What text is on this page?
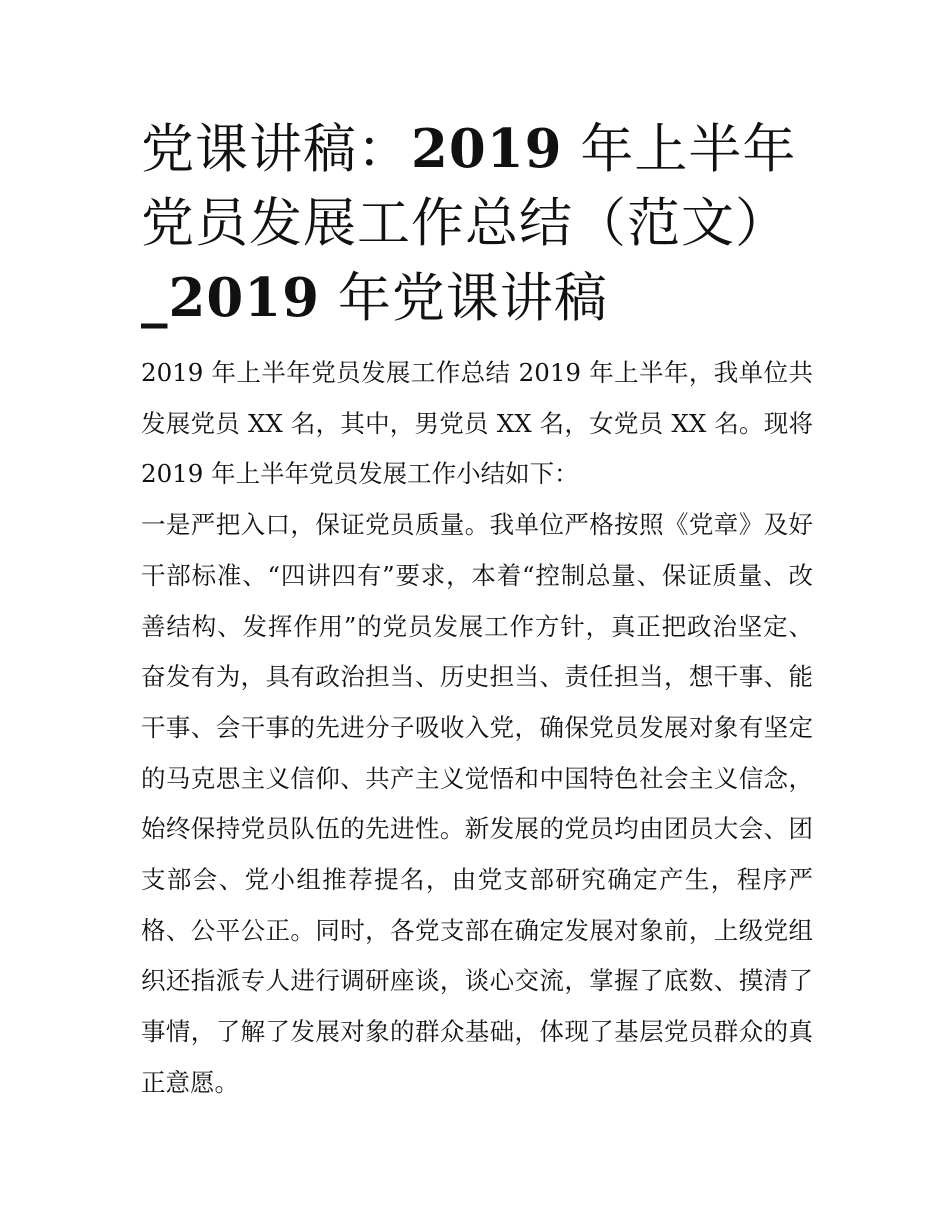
党课讲稿：2019 年上半年党员发展工作总结（范文）_2019 年党课讲稿

2019 年上半年党员发展工作总结 2019 年上半年，我单位共发展党员 XX 名，其中，男党员 XX 名，女党员 XX 名。现将 2019 年上半年党员发展工作小结如下：

一是严把入口，保证党员质量。我单位严格按照《党章》及好干部标准、“四讲四有”要求，本着“控制总量、保证质量、改善结构、发挥作用”的党员发展工作方针，真正把政治坚定、奋发有为，具有政治担当、历史担当、责任担当，想干事、能干事、会干事的先进分子吸收入党，确保党员发展对象有坚定的马克思主义信仰、共产主义觉悟和中国特色社会主义信念，始终保持党员队伍的先进性。新发展的党员均由团员大会、团支部会、党小组推荐提名，由党支部研究确定产生，程序严格、公平公正。同时，各党支部在确定发展对象前，上级党组织还指派专人进行调研座谈，谈心交流，掌握了底数、摸清了事情，了解了发展对象的群众基础，体现了基层党员群众的真正意愿。
